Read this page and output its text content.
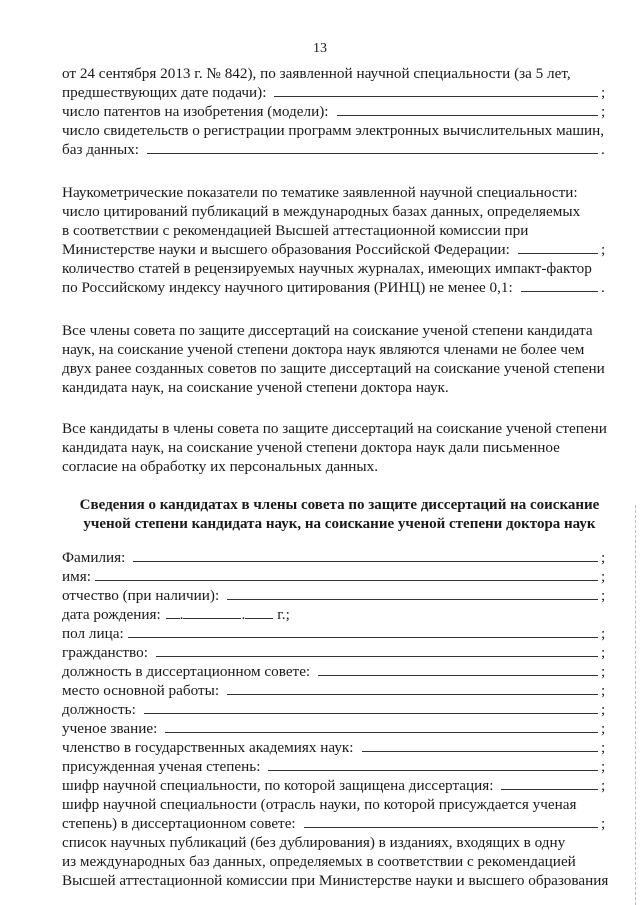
13
от 24 сентября 2013 г. № 842), по заявленной научной специальности (за 5 лет,
предшествующих дате подачи):	;
число патентов на изобретения (модели):	;
число свидетельств о регистрации программ электронных вычислительных машин,
баз данных:	.
Наукометрические показатели по тематике заявленной научной специальности:
число цитирований публикаций в международных базах данных, определяемых
в соответствии с рекомендацией Высшей аттестационной комиссии при
Министерстве науки и высшего образования Российской Федерации:	;
количество статей в рецензируемых научных журналах, имеющих импакт-фактор
по Российскому индексу научного цитирования (РИНЦ) не менее 0,1:	.
Все члены совета по защите диссертаций на соискание ученой степени кандидата
наук, на соискание ученой степени доктора наук являются членами не более чем
двух ранее созданных советов по защите диссертаций на соискание ученой степени
кандидата наук, на соискание ученой степени доктора наук.
Все кандидаты в члены совета по защите диссертаций на соискание ученой степени
кандидата наук, на соискание ученой степени доктора наук дали письменное
согласие на обработку их персональных данных.
Сведения о кандидатах в члены совета по защите диссертаций на соискание
ученой степени кандидата наук, на соискание ученой степени доктора наук
Фамилия:	;
имя:	;
отчество (при наличии):	;
дата рождения: .	. г.;
пол лица:	;
гражданство:	;
должность в диссертационном совете:	;
место основной работы:	;
должность:	;
ученое звание:	;
членство в государственных академиях наук:	;
присужденная ученая степень:	;
шифр научной специальности, по которой защищена диссертация:	;
шифр научной специальности (отрасль науки, по которой присуждается ученая
степень) в диссертационном совете:	;
список научных публикаций (без дублирования) в изданиях, входящих в одну
из международных баз данных, определяемых в соответствии с рекомендацией
Высшей аттестационной комиссии при Министерстве науки и высшего образования
